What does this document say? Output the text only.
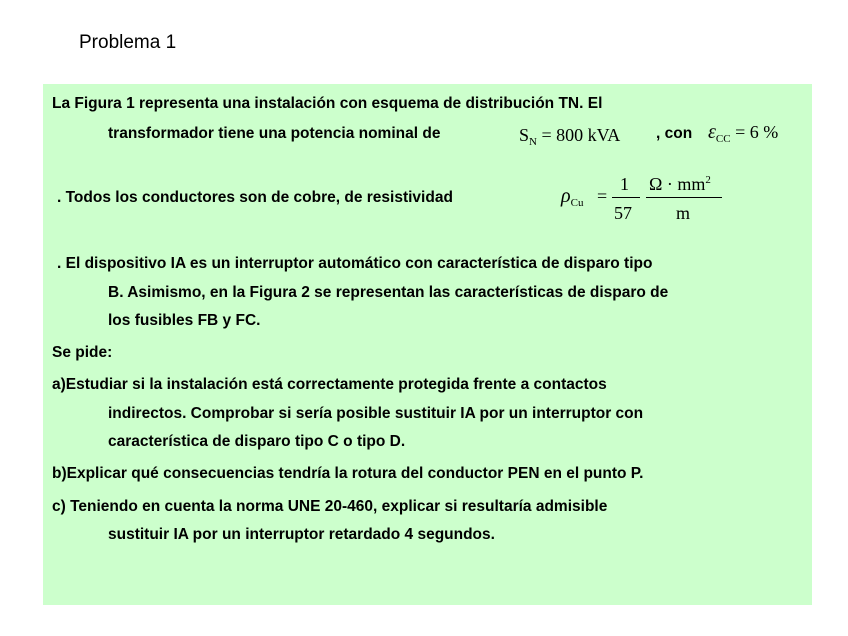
Problema 1
La Figura 1 representa una instalación con esquema de distribución TN. El
transformador tiene una potencia nominal de	$S_N = 800$ kVA , con $\varepsilon_{CC} = 6$ %
. Todos los conductores son de cobre, de resistividad	$\rho_{Cu}$ =
1
57
$\Omega \cdot mm^2$
m
. El dispositivo IA es un interruptor automático con característica de disparo tipo
B. Asimismo, en la Figura 2 se representan las características de disparo de
los fusibles FB y FC.
Se pide:
a)Estudiar si la instalación está correctamente protegida frente a contactos
indirectos. Comprobar si sería posible sustituir IA por un interruptor con
característica de disparo tipo C o tipo D.
b)Explicar qué consecuencias tendría la rotura del conductor PEN en el punto P.
c) Teniendo en cuenta la norma UNE 20-460, explicar si resultaría admisible
sustituir IA por un interruptor retardado 4 segundos.
